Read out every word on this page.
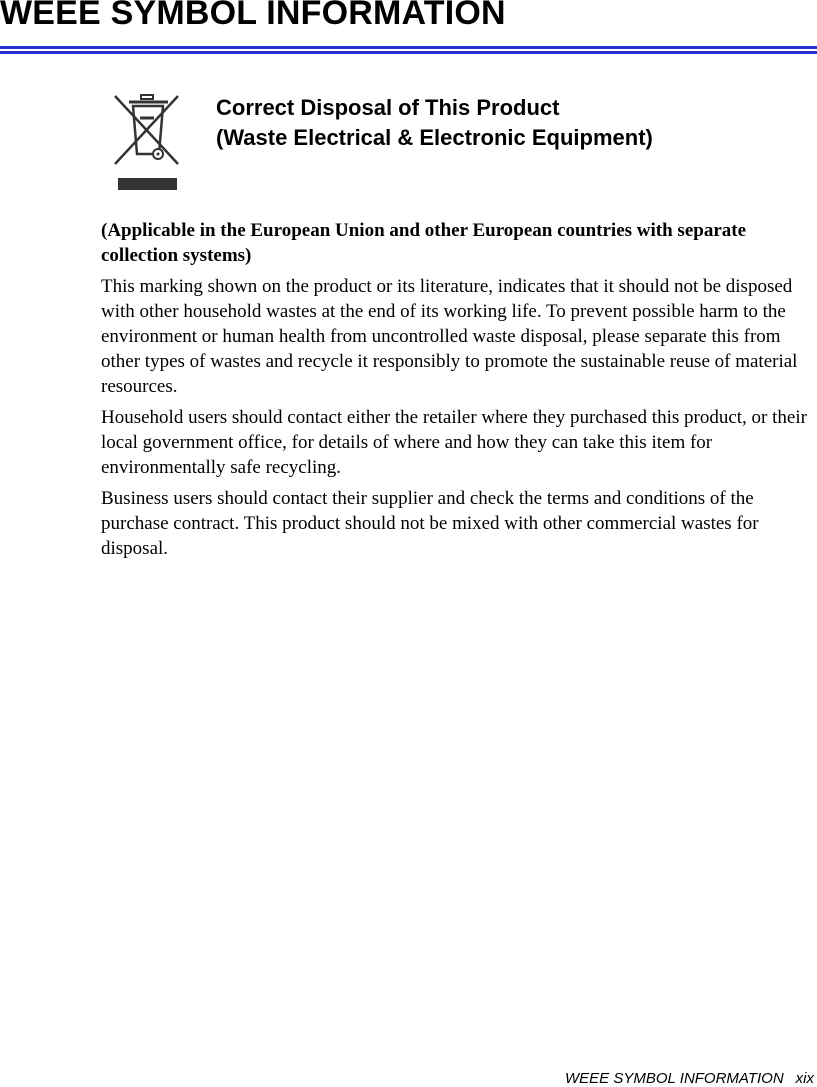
WEEE SYMBOL INFORMATION
Correct Disposal of This Product
(Waste Electrical & Electronic Equipment)

(Applicable in the European Union and other European countries with separate collection systems)

This marking shown on the product or its literature, indicates that it should not be disposed with other household wastes at the end of its working life. To prevent possible harm to the environment or human health from uncontrolled waste disposal, please separate this from other types of wastes and recycle it responsibly to promote the sustainable reuse of material resources.

Household users should contact either the retailer where they purchased this product, or their local government office, for details of where and how they can take this item for environmentally safe recycling.

Business users should contact their supplier and check the terms and conditions of the purchase contract. This product should not be mixed with other commercial wastes for disposal.

WEEE SYMBOL INFORMATION xix
